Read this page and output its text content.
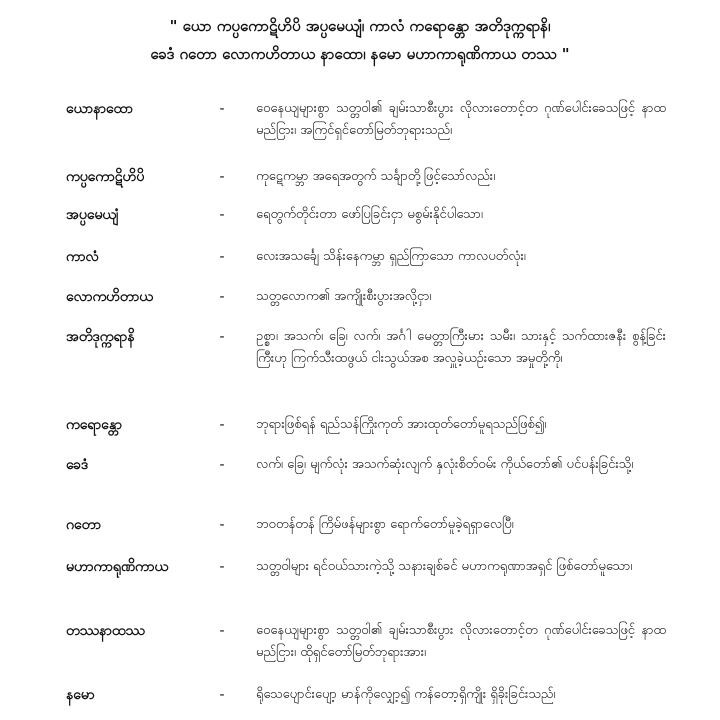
" ယော ကပ္ပကောဋိဟိပိ အပ္ပမေယျံ၊ ကာလံ ကရောန္တော အတိဒုက္ကရာနိ၊
ခေဒံ ဂတော လောကဟိတာယ နာထော၊ နမော မဟာကာရုဏိကာယ တဿ "
ယောနာထော	- ဝေနေယျများစွာ သတ္တဝါ၏ ချမ်းသာစီးပွား လိုလားတောင့်တ ဂုဏ်ပေါင်းခေသဖြင့် နာထမည်ငြား၊ အကြင်ရှင်တော်မြတ်ဘုရားသည်၊
ကပ္ပကောဋိဟိပိ	- ကုဋေကမ္ဘာ အရေအတွက် သင်္ချာတို့ဖြင့်သော်လည်း၊
အပ္ပမေယျံ	- ရေတွက်တိုင်းတာ ဖော်ပြခြင်းငှာ မစွမ်းနိုင်ပါသော၊
ကာလံ	- လေးအသင်္ချေ သိန်းနေကမ္ဘာ ရှည်ကြာသော ကာလပတ်လုံး၊
လောကဟိတာယ	- သတ္တလောက၏ အကျိုးစီးပွားအလို့ငှာ၊
အတိဒုက္ကရာနိ	- ဥစ္စာ၊ အသက်၊ ခြေ၊ လက်၊ အင်္ဂါ မေတ္တာကြီးမား သမီး၊ သားနှင့် သက်ထားဇနီး စွန့်ခြင်းကြီးဟု ကြက်သီးထဖွယ် ငါးသွယ်အစ အလှူခဲ့ယဉ်းသော အမှုတို့ကို၊
ကရောန္တော	- ဘုရားဖြစ်ရန် ရည်သန်ကြိုးကုတ် အားထုတ်တော်မူရသည်ဖြစ်၍၊
ခေဒံ	- လက်၊ ခြေ၊ မျက်လုံး အသက်ဆုံးလျက် နှလုံးစိတ်ဝမ်း ကိုယ်တော်၏ ပင်ပန်းခြင်းသို့၊
ဂတော	- ဘဝတန်တန် ကြိမ်ဖန်များစွာ ရောက်တော်မူခဲ့ရရှာလေပြီ၊
မဟာကာရုဏိကာယ	- သတ္တဝါများ ရင်ဝယ်သားကဲ့သို့ သနားချစ်ခင် မဟာကရုဏာအရှင် ဖြစ်တော်မူသော၊
တဿနာထဿ	- ဝေနေယျများစွာ သတ္တဝါ၏ ချမ်းသာစီးပွား လိုလားတောင့်တ ဂုဏ်ပေါင်းခေသဖြင့် နာထမည်ငြား၊ ထိုရှင်တော်မြတ်ဘုရားအား၊
နမော	- ရိုသေပျောင်းပျော့ မာန်ကိုလျှော့၍ ကန်တော့ရှိကျိုး ရှိခိုးခြင်းသည်၊
